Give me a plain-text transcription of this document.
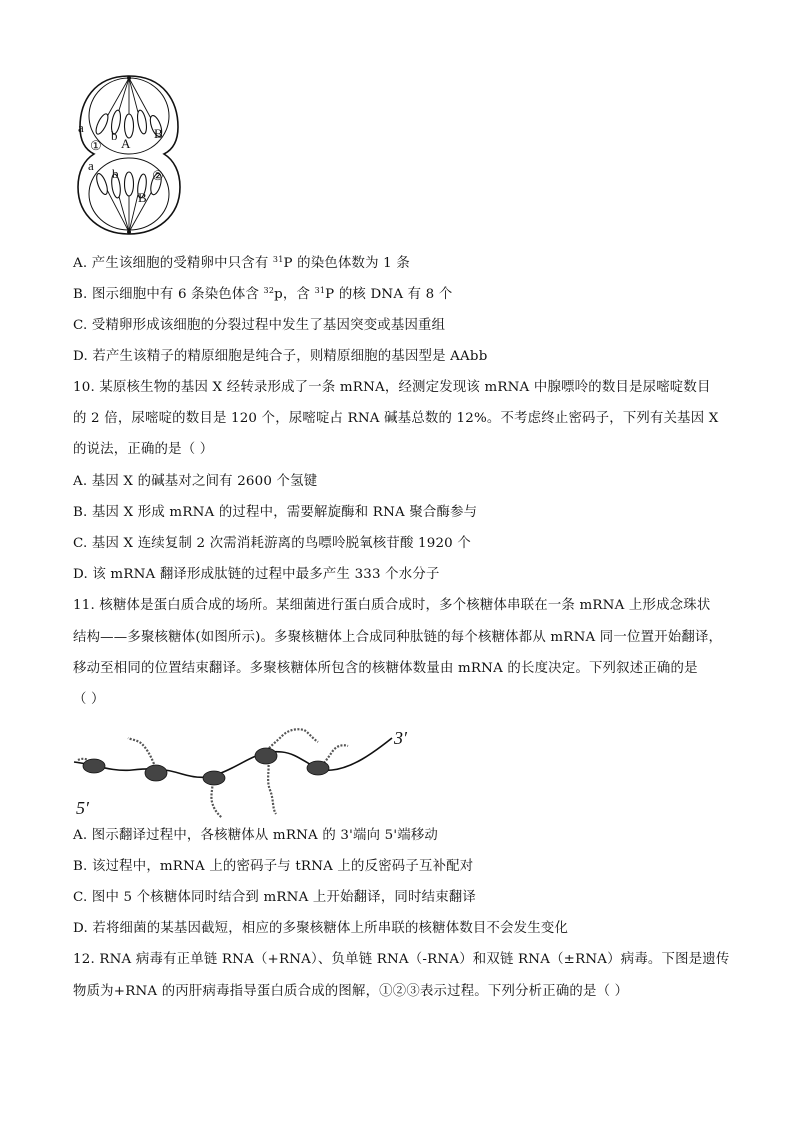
a
b
A
B
①
a
b	②
B
A. 产生该细胞的受精卵中只含有 $^{31}$P 的染色体数为 1 条
B. 图示细胞中有 6 条染色体含 $^{32}$p，含 $^{31}$P 的核 DNA 有 8 个
C. 受精卵形成该细胞的分裂过程中发生了基因突变或基因重组
D. 若产生该精子的精原细胞是纯合子，则精原细胞的基因型是 AAbb
10. 某原核生物的基因 X 经转录形成了一条 mRNA，经测定发现该 mRNA 中腺嘌呤的数目是尿嘧啶数目
的 2 倍，尿嘧啶的数目是 120 个，尿嘧啶占 RNA 碱基总数的 12%。不考虑终止密码子，下列有关基因 X
的说法，正确的是（ ）
A. 基因 X 的碱基对之间有 2600 个氢键
B. 基因 X 形成 mRNA 的过程中，需要解旋酶和 RNA 聚合酶参与
C. 基因 X 连续复制 2 次需消耗游离的鸟嘌呤脱氧核苷酸 1920 个
D. 该 mRNA 翻译形成肽链的过程中最多产生 333 个水分子
11. 核糖体是蛋白质合成的场所。某细菌进行蛋白质合成时，多个核糖体串联在一条 mRNA 上形成念珠状
结构——多聚核糖体(如图所示)。多聚核糖体上合成同种肽链的每个核糖体都从 mRNA 同一位置开始翻译，
移动至相同的位置结束翻译。多聚核糖体所包含的核糖体数量由 mRNA 的长度决定。下列叙述正确的是
（ ）
3′
5′
A. 图示翻译过程中，各核糖体从 mRNA 的 3'端向 5'端移动
B. 该过程中，mRNA 上的密码子与 tRNA 上的反密码子互补配对
C. 图中 5 个核糖体同时结合到 mRNA 上开始翻译，同时结束翻译
D. 若将细菌的某基因截短，相应的多聚核糖体上所串联的核糖体数目不会发生变化
12. RNA 病毒有正单链 RNA（+RNA）、负单链 RNA（-RNA）和双链 RNA（±RNA）病毒。下图是遗传
物质为+RNA 的丙肝病毒指导蛋白质合成的图解，①②③表示过程。下列分析正确的是（ ）
